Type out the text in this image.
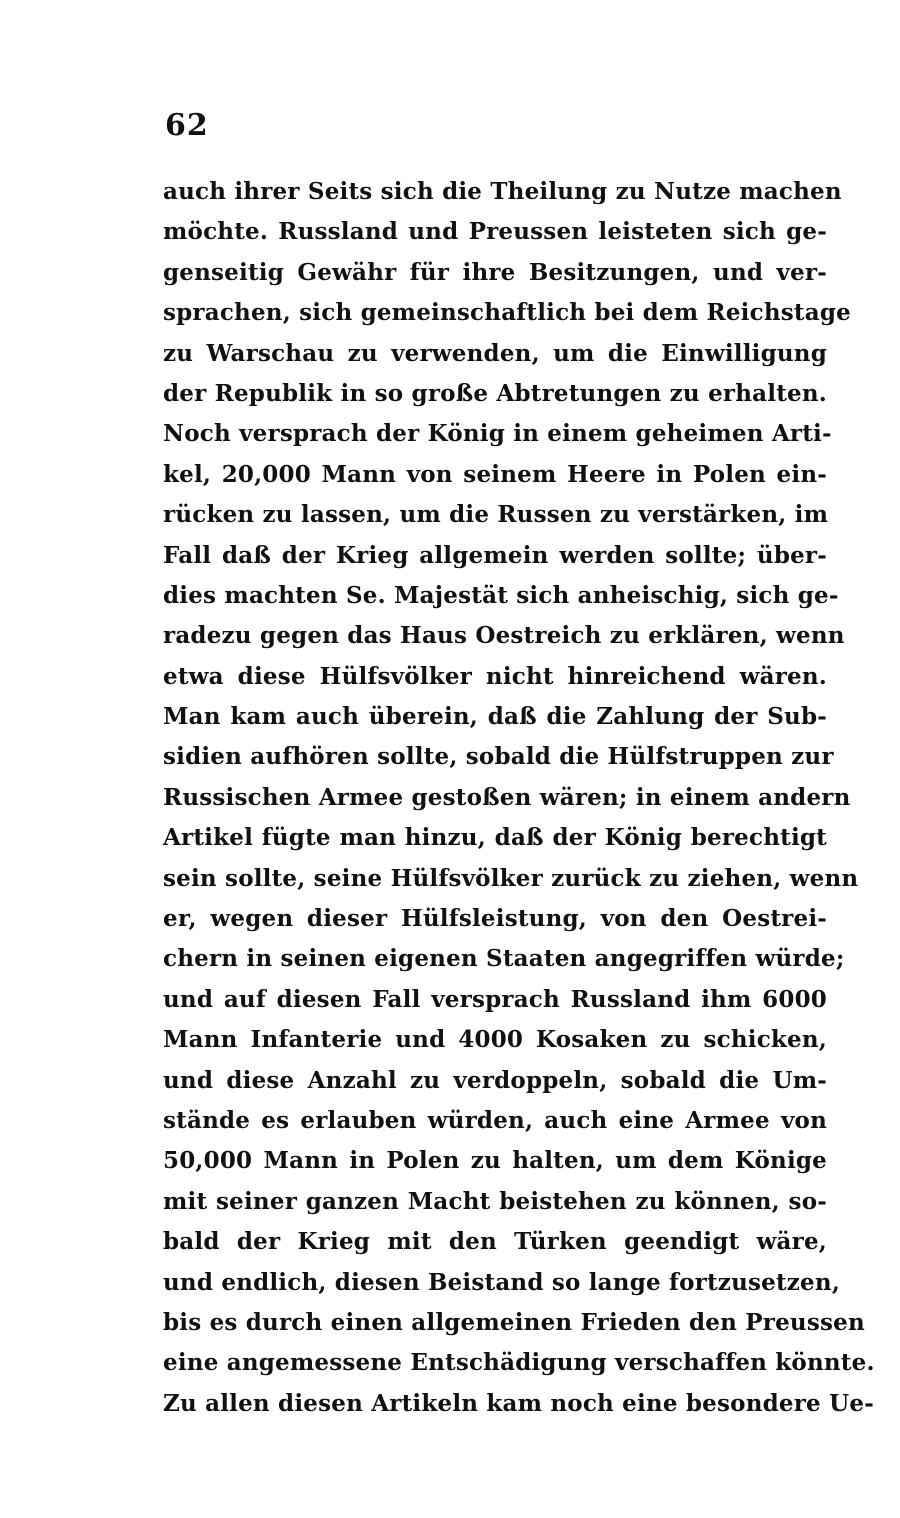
62
auch ihrer Seits sich die Theilung zu Nutze machen
möchte. Russland und Preussen leisteten sich ge-
genseitig Gewähr für ihre Besitzungen, und ver-
sprachen, sich gemeinschaftlich bei dem Reichstage
zu Warschau zu verwenden, um die Einwilligung
der Republik in so große Abtretungen zu erhalten.
Noch versprach der König in einem geheimen Arti-
kel, 20,000 Mann von seinem Heere in Polen ein-
rücken zu lassen, um die Russen zu verstärken, im
Fall daß der Krieg allgemein werden sollte; über-
dies machten Se. Majestät sich anheischig, sich ge-
radezu gegen das Haus Oestreich zu erklären, wenn
etwa diese Hülfsvölker nicht hinreichend wären.
Man kam auch überein, daß die Zahlung der Sub-
sidien aufhören sollte, sobald die Hülfstruppen zur
Russischen Armee gestoßen wären; in einem andern
Artikel fügte man hinzu, daß der König berechtigt
sein sollte, seine Hülfsvölker zurück zu ziehen, wenn
er, wegen dieser Hülfsleistung, von den Oestrei-
chern in seinen eigenen Staaten angegriffen würde;
und auf diesen Fall versprach Russland ihm 6000
Mann Infanterie und 4000 Kosaken zu schicken,
und diese Anzahl zu verdoppeln, sobald die Um-
stände es erlauben würden, auch eine Armee von
50,000 Mann in Polen zu halten, um dem Könige
mit seiner ganzen Macht beistehen zu können, so-
bald der Krieg mit den Türken geendigt wäre,
und endlich, diesen Beistand so lange fortzusetzen,
bis es durch einen allgemeinen Frieden den Preussen
eine angemessene Entschädigung verschaffen könnte.
Zu allen diesen Artikeln kam noch eine besondere Ue-
